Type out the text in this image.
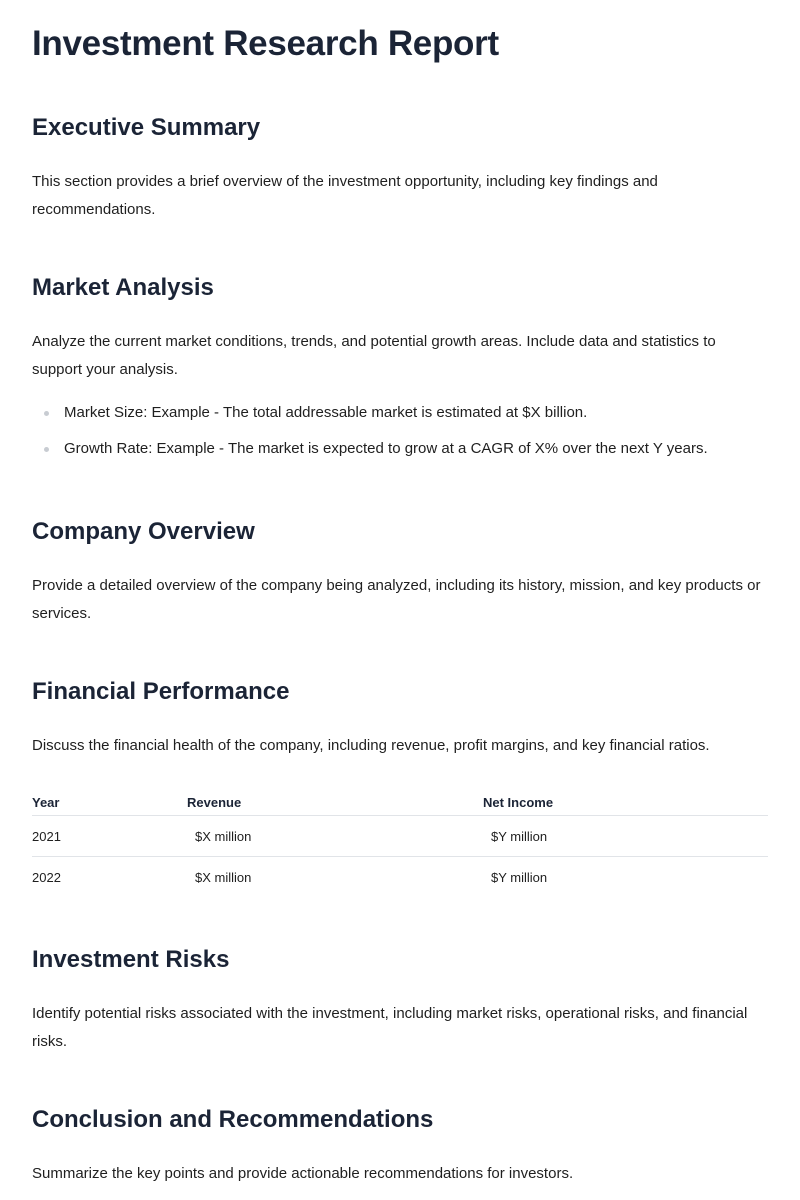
Investment Research Report
Executive Summary

This section provides a brief overview of the investment opportunity, including key findings and recommendations.

Market Analysis

Analyze the current market conditions, trends, and potential growth areas. Include data and statistics to support your analysis.

Market Size: Example - The total addressable market is estimated at $X billion.
Growth Rate: Example - The market is expected to grow at a CAGR of X% over the next Y years.
Company Overview

Provide a detailed overview of the company being analyzed, including its history, mission, and key products or services.

Financial Performance

Discuss the financial health of the company, including revenue, profit margins, and key financial ratios.

Year	Revenue	Net Income
2021	$X million	$Y million
2022	$X million	$Y million
Investment Risks

Identify potential risks associated with the investment, including market risks, operational risks, and financial risks.

Conclusion and Recommendations

Summarize the key points and provide actionable recommendations for investors.
